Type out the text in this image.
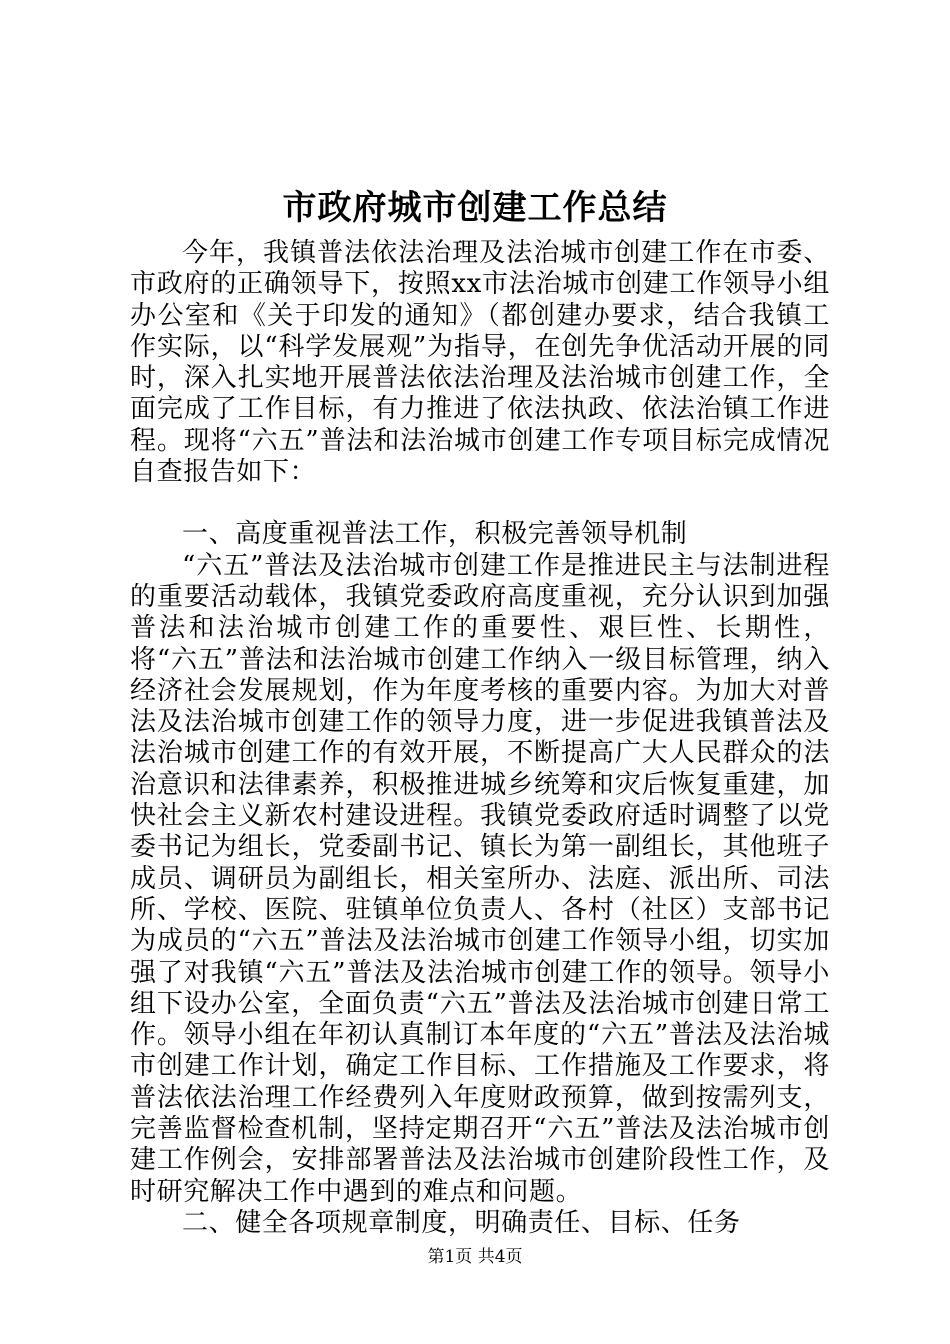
市政府城市创建工作总结

今年，我镇普法依法治理及法治城市创建工作在市委、市政府的正确领导下，按照xx市法治城市创建工作领导小组办公室和《关于印发的通知》（都创建办要求，结合我镇工作实际，以“科学发展观”为指导，在创先争优活动开展的同时，深入扎实地开展普法依法治理及法治城市创建工作，全面完成了工作目标，有力推进了依法执政、依法治镇工作进程。现将“六五”普法和法治城市创建工作专项目标完成情况自查报告如下：

一、高度重视普法工作，积极完善领导机制

“六五”普法及法治城市创建工作是推进民主与法制进程的重要活动载体，我镇党委政府高度重视，充分认识到加强普法和法治城市创建工作的重要性、艰巨性、长期性，将“六五”普法和法治城市创建工作纳入一级目标管理，纳入经济社会发展规划，作为年度考核的重要内容。为加大对普法及法治城市创建工作的领导力度，进一步促进我镇普法及法治城市创建工作的有效开展，不断提高广大人民群众的法治意识和法律素养，积极推进城乡统筹和灾后恢复重建，加快社会主义新农村建设进程。我镇党委政府适时调整了以党委书记为组长，党委副书记、镇长为第一副组长，其他班子成员、调研员为副组长，相关室所办、法庭、派出所、司法所、学校、医院、驻镇单位负责人、各村（社区）支部书记为成员的“六五”普法及法治城市创建工作领导小组，切实加强了对我镇“六五”普法及法治城市创建工作的领导。领导小组下设办公室，全面负责“六五”普法及法治城市创建日常工作。领导小组在年初认真制订本年度的“六五”普法及法治城市创建工作计划，确定工作目标、工作措施及工作要求，将普法依法治理工作经费列入年度财政预算，做到按需列支，完善监督检查机制，坚持定期召开“六五”普法及法治城市创建工作例会，安排部署普法及法治城市创建阶段性工作，及时研究解决工作中遇到的难点和问题。

二、健全各项规章制度，明确责任、目标、任务

第1页 共4页
